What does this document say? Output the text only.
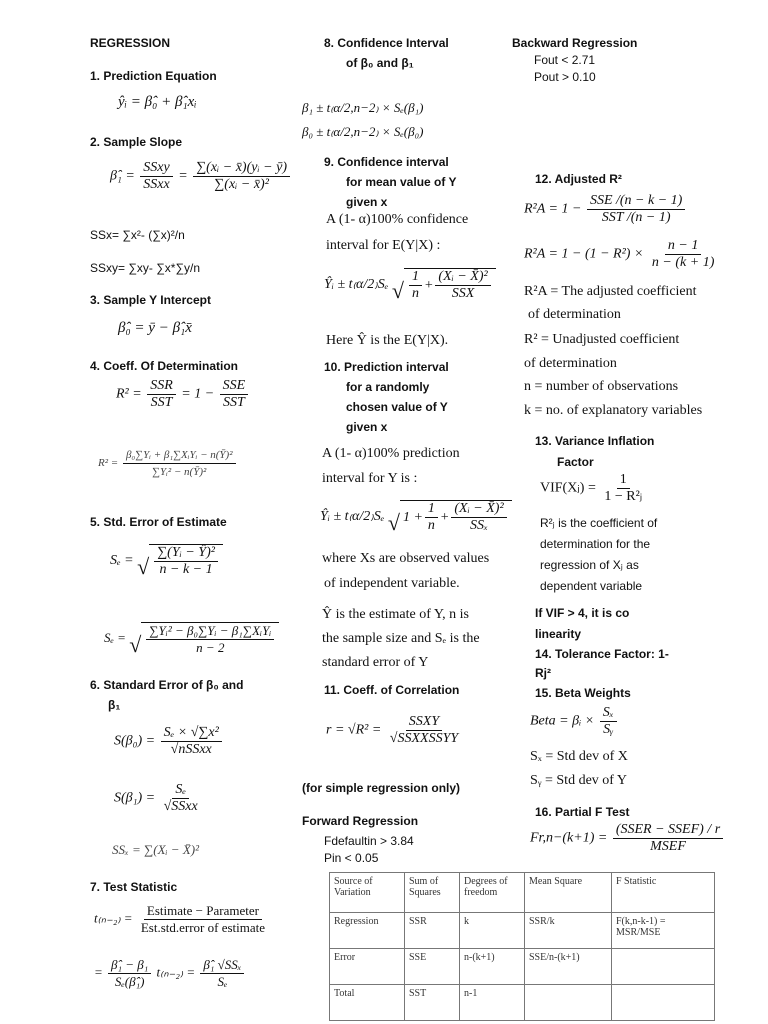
REGRESSION
1. Prediction Equation
ŷᵢ = β̂₀ + β̂₁xᵢ
2. Sample Slope
β̂₁ = $\frac{\text{SSxy}}{\text{SSxx}} = \frac{\text{∑(xᵢ − x̄)(yᵢ − ȳ)}}{\text{∑(xᵢ − x̄)²}}$
SSx= ∑x²- (∑x)²/n
SSxy= ∑xy- ∑x*∑y/n
3. Sample Y Intercept
β̂₀ = ȳ − β̂₁x̄
4. Coeff. Of Determination
$R^2 = \frac{\text{SSR}}{\text{SST}} = 1 - \frac{\text{SSE}}{\text{SST}}$
$R^2 = \frac{\text{β₀∑Yᵢ + β₁∑XᵢYᵢ − n(Ȳ)²}}{\text{∑Yᵢ² − n(Ȳ)²}}$
5. Std. Error of Estimate
Sₑ = √ $\frac{\text{∑(Yᵢ − Ŷ)²}}{n - k - 1}$
Sₑ = √ $\frac{\text{∑Yᵢ² − β₀∑Yᵢ − β₁∑XᵢYᵢ}}{n - 2}$
6. Standard Error of β₀ and
β₁
$S(\beta_0) = \frac{\text{Sₑ × √∑x²}}{\text{√nSSxx}}$
$S(\beta_1) = \frac{\text{Sₑ}}{\text{√SSxx}}$
SSₓ = ∑(Xᵢ − X̄)²
7. Test Statistic
$t_{(n-2)} = \frac{\text{Estimate − Parameter}}{\text{Est.std.error of estimate}}$
= $\frac{\text{β̂₁ − β₁}}{\text{Sₑ(β̂₁)}} t_{(n-2)} = \frac{\text{β̂₁ √SSₓ}}{\text{Sₑ}}$
8. Confidence Interval
of β₀ and β₁
β₁ ± t₍α/2,n−2₎ × Sₑ(β₁)
β₀ ± t₍α/2,n−2₎ × Sₑ(β₀)
9. Confidence interval
for mean value of Y
given x
A (1- α)100% confidence
interval for E(Y|X) :
Ŷᵢ ± t₍α/2₎Sₑ √ $\frac{1}{n} + \frac{\text{(Xᵢ − X̄)²}}{\text{SSX}}$
Here Ŷ is the E(Y|X).
10. Prediction interval
for a randomly
chosen value of Y
given x
A (1- α)100% prediction
interval for Y is :
Ŷᵢ ± t₍α/2₎Sₑ √ $1 + \frac{1}{n} + \frac{\text{(Xᵢ − X̄)²}}{\text{SSₓ}}$
where Xs are observed values
of independent variable.
Ŷ is the estimate of Y, n is
the sample size and Sₑ is the
standard error of Y
11. Coeff. of Correlation
$r = √R^2 = \frac{\text{SSXY}}{\text{√SSXXSSYY}}$
(for simple regression only)
Forward Regression
Fdefaultin > 3.84
Pin < 0.05
Backward Regression
Fout < 2.71
Pout > 0.10
12. Adjusted R²
$R^2A = 1 - \frac{\text{SSE /(n − k − 1)}}{\text{SST /(n − 1)}}$
$R^2A = 1 - (1 - R^2) \times \frac{n - 1}{n - (k + 1)}$
R²A = The adjusted coefficient
of determination
R² = Unadjusted coefficient
of determination
n = number of observations
k = no. of explanatory variables
13. Variance Inflation
Factor
VIF(Xⱼ) = $\frac{1}{\text{1 − R²ⱼ}}$
R²ⱼ is the coefficient of
determination for the
regression of Xⱼ as
dependent variable
If VIF > 4, it is co
linearity
14. Tolerance Factor: 1-
Rj²
15. Beta Weights
Beta = βᵢ × $\frac{\text{Sₓ}}{\text{Sᵧ}}$
Sₓ = Std dev of X
Sᵧ = Std dev of Y
16. Partial F Test
$Fr,n-(k+1) = \frac{\text{(SSER − SSEF) / r}}{\text{MSEF}}$
Source of Variation	Sum of Squares	Degrees of freedom	Mean Square	F Statistic
Regression	SSR	k	SSR/k	F(k,n-k-1) = MSR/MSE
Error	SSE	n-(k+1)	SSE/n-(k+1)	
Total	SST	n-1		
